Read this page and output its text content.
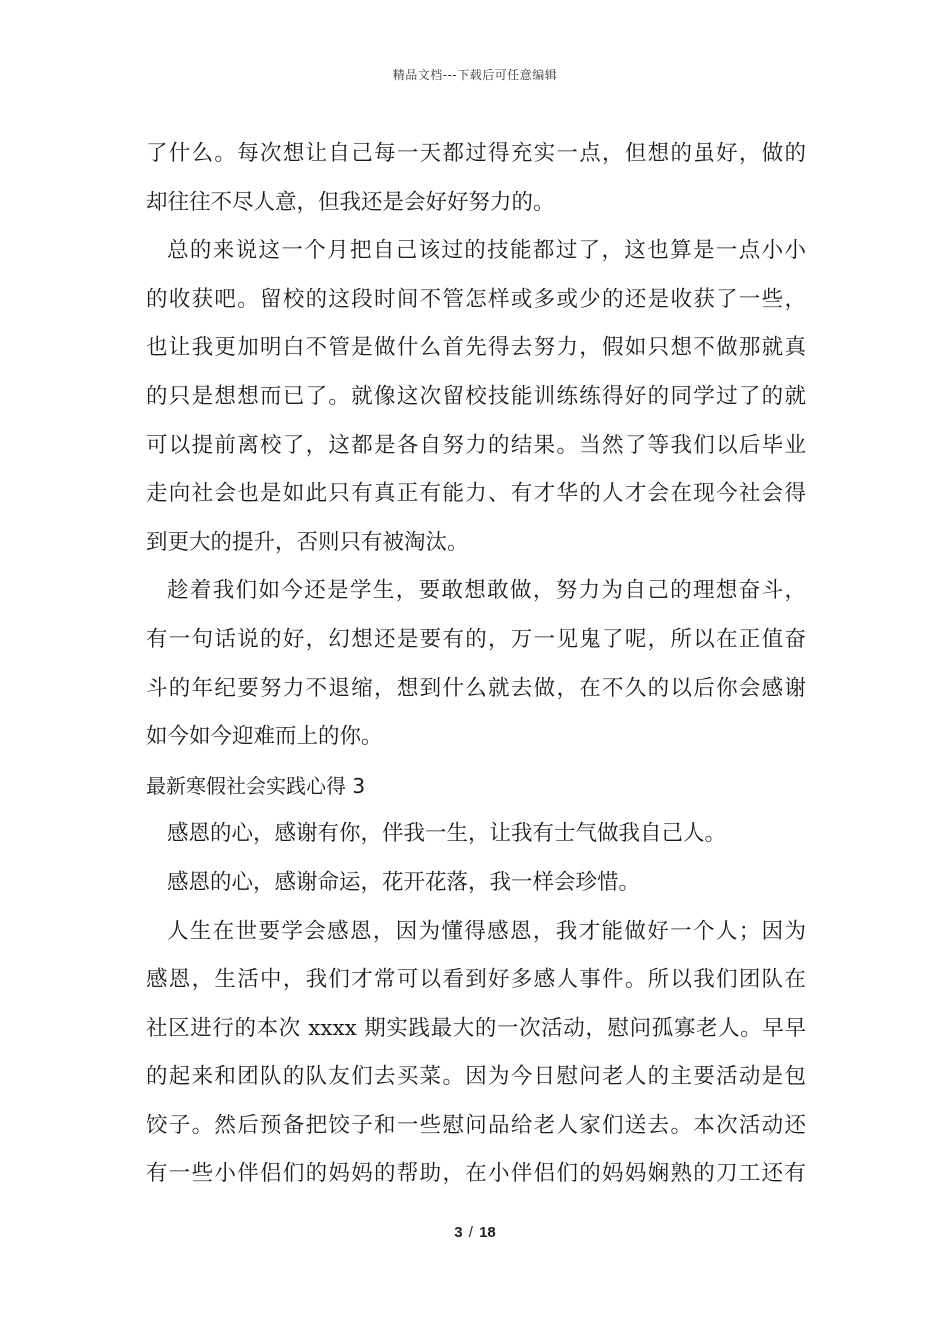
精品文档---下载后可任意编辑
了什么。每次想让自己每一天都过得充实一点，但想的虽好，做的
却往往不尽人意，但我还是会好好努力的。
总的来说这一个月把自己该过的技能都过了，这也算是一点小小
的收获吧。留校的这段时间不管怎样或多或少的还是收获了一些，
也让我更加明白不管是做什么首先得去努力，假如只想不做那就真
的只是想想而已了。就像这次留校技能训练练得好的同学过了的就
可以提前离校了，这都是各自努力的结果。当然了等我们以后毕业
走向社会也是如此只有真正有能力、有才华的人才会在现今社会得
到更大的提升，否则只有被淘汰。
趁着我们如今还是学生，要敢想敢做，努力为自己的理想奋斗，
有一句话说的好，幻想还是要有的，万一见鬼了呢，所以在正值奋
斗的年纪要努力不退缩，想到什么就去做，在不久的以后你会感谢
如今如今迎难而上的你。
最新寒假社会实践心得 3
感恩的心，感谢有你，伴我一生，让我有士气做我自己人。
感恩的心，感谢命运，花开花落，我一样会珍惜。
人生在世要学会感恩，因为懂得感恩，我才能做好一个人；因为
感恩，生活中，我们才常可以看到好多感人事件。所以我们团队在
社区进行的本次 xxxx 期实践最大的一次活动，慰问孤寡老人。早早
的起来和团队的队友们去买菜。因为今日慰问老人的主要活动是包
饺子。然后预备把饺子和一些慰问品给老人家们送去。本次活动还
有一些小伴侣们的妈妈的帮助，在小伴侣们的妈妈娴熟的刀工还有
3 / 18
